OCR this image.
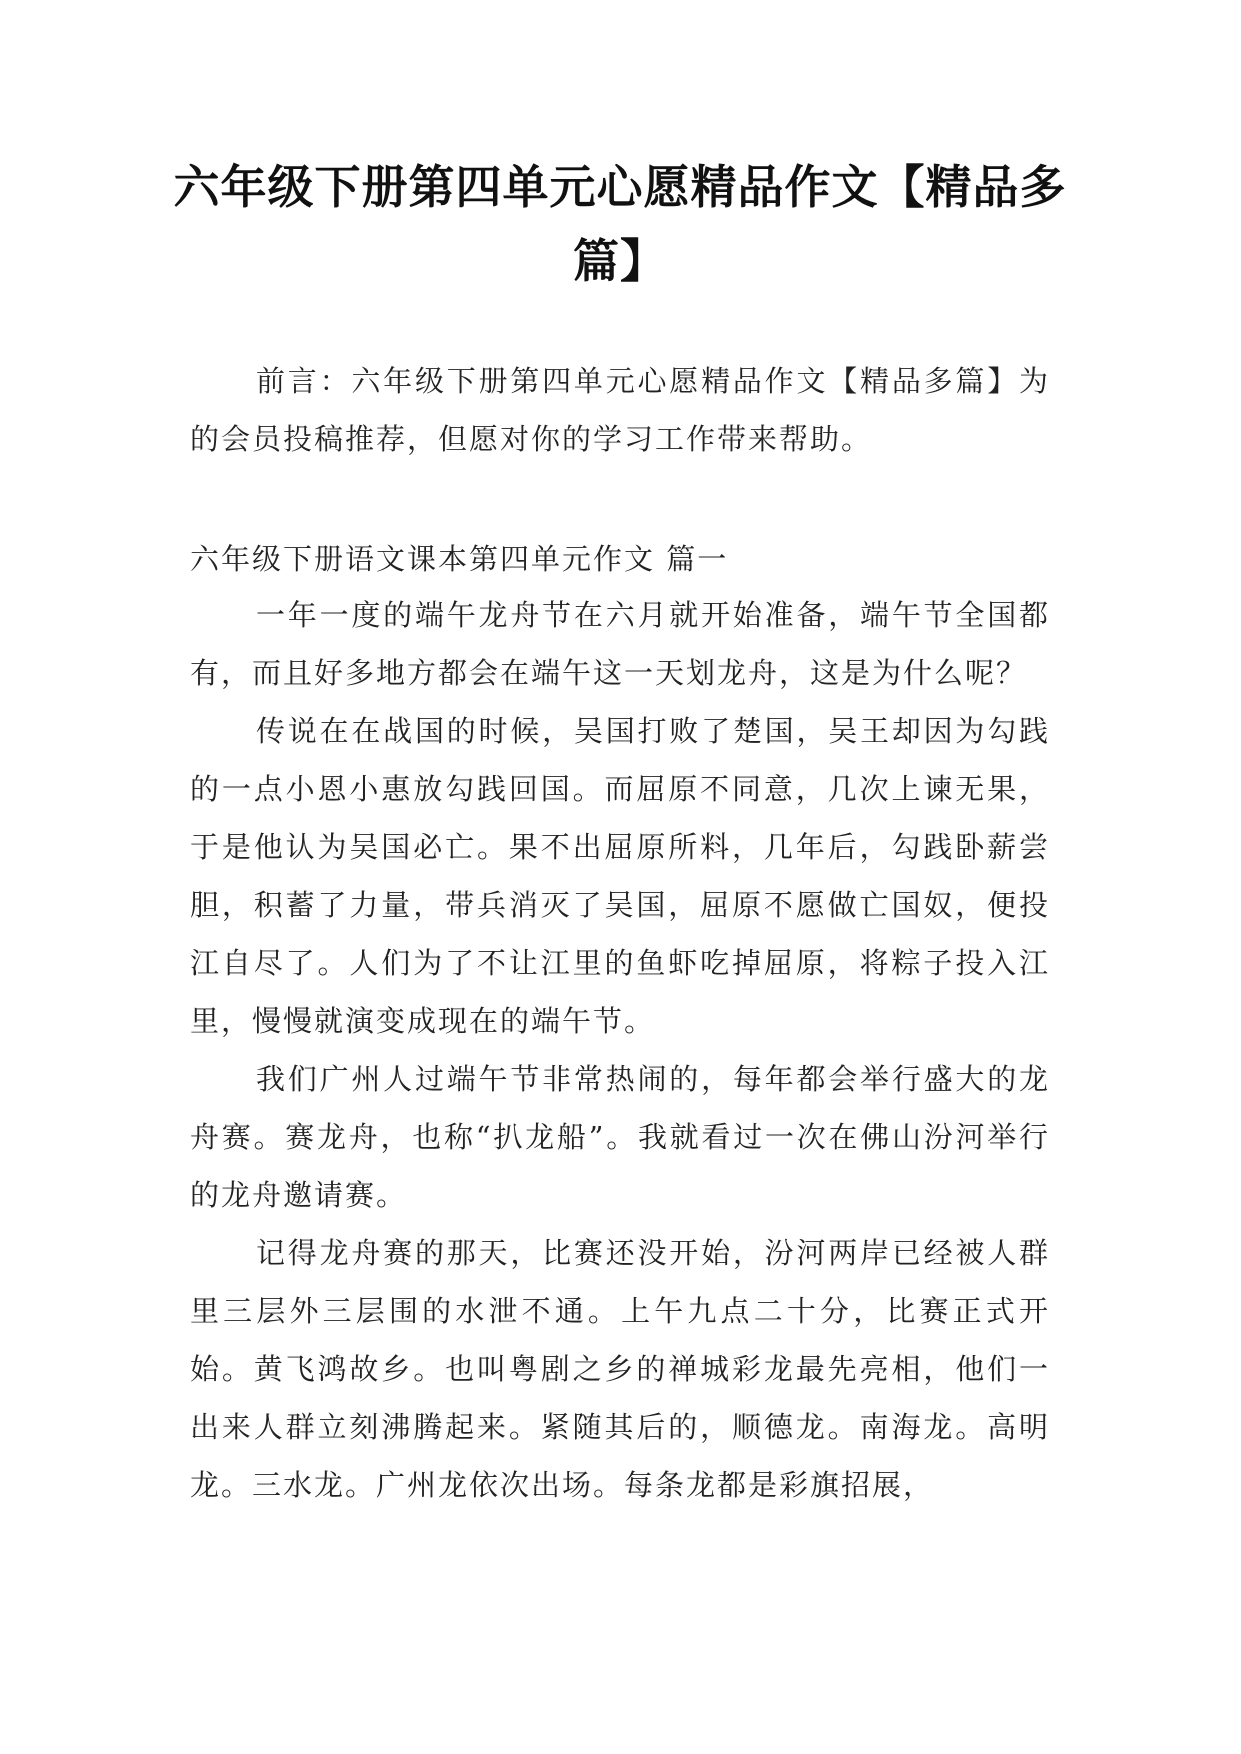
六年级下册第四单元心愿精品作文【精品多篇】

前言：六年级下册第四单元心愿精品作文【精品多篇】为的会员投稿推荐，但愿对你的学习工作带来帮助。

六年级下册语文课本第四单元作文 篇一

一年一度的端午龙舟节在六月就开始准备，端午节全国都有，而且好多地方都会在端午这一天划龙舟，这是为什么呢？

传说在在战国的时候，吴国打败了楚国，吴王却因为勾践的一点小恩小惠放勾践回国。而屈原不同意，几次上谏无果，于是他认为吴国必亡。果不出屈原所料，几年后，勾践卧薪尝胆，积蓄了力量，带兵消灭了吴国，屈原不愿做亡国奴，便投江自尽了。人们为了不让江里的鱼虾吃掉屈原，将粽子投入江里，慢慢就演变成现在的端午节。

我们广州人过端午节非常热闹的，每年都会举行盛大的龙舟赛。赛龙舟，也称“扒龙船”。我就看过一次在佛山汾河举行的龙舟邀请赛。

记得龙舟赛的那天，比赛还没开始，汾河两岸已经被人群里三层外三层围的水泄不通。上午九点二十分，比赛正式开始。黄飞鸿故乡。也叫粤剧之乡的禅城彩龙最先亮相，他们一出来人群立刻沸腾起来。紧随其后的，顺德龙。南海龙。高明龙。三水龙。广州龙依次出场。每条龙都是彩旗招展，
